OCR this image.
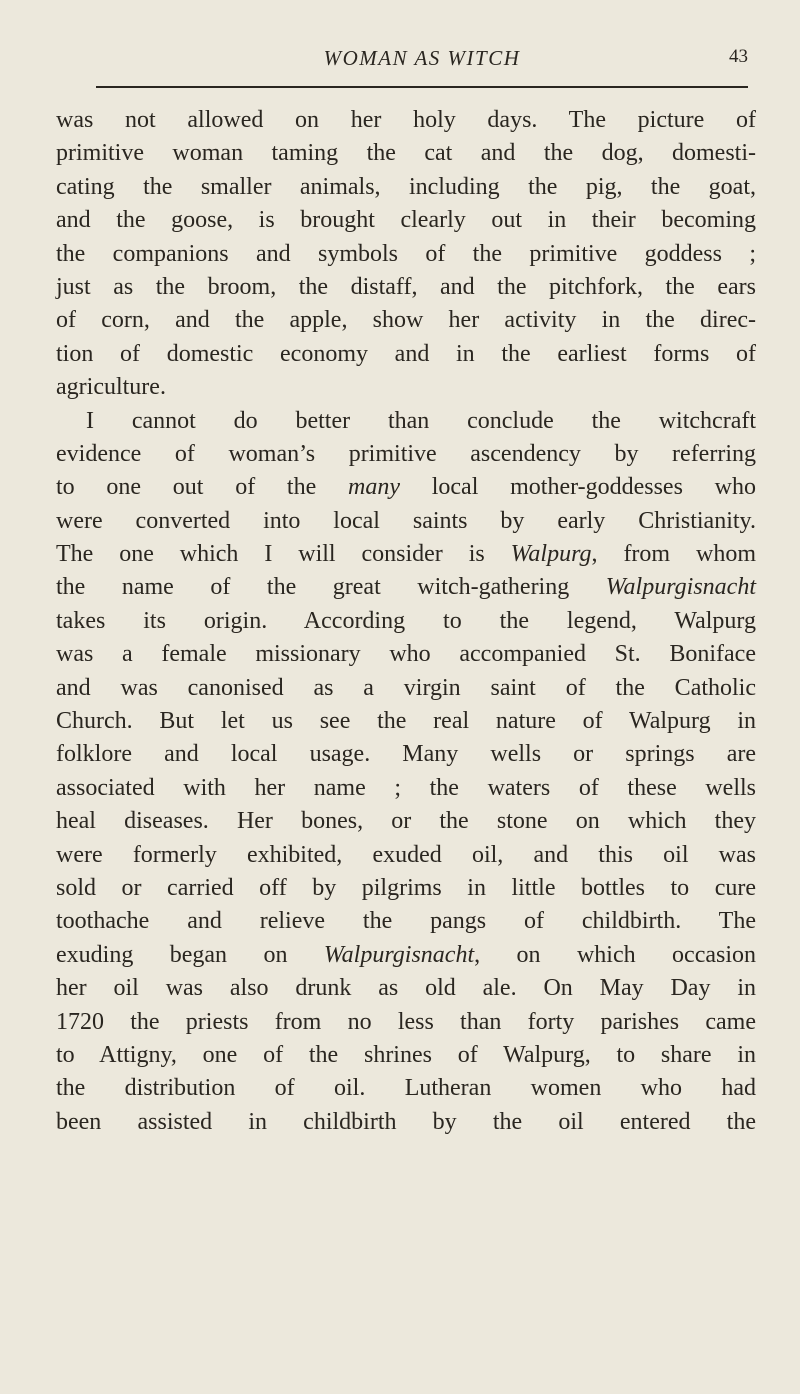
WOMAN AS WITCH	43
was not allowed on her holy days. The picture of
primitive woman taming the cat and the dog, domesti-
cating the smaller animals, including the pig, the goat,
and the goose, is brought clearly out in their becoming
the companions and symbols of the primitive goddess ;
just as the broom, the distaff, and the pitchfork, the ears
of corn, and the apple, show her activity in the direc-
tion of domestic economy and in the earliest forms of
agriculture.
I cannot do better than conclude the witchcraft
evidence of woman’s primitive ascendency by referring
to one out of the many local mother-goddesses who
were converted into local saints by early Christianity.
The one which I will consider is Walpurg, from whom
the name of the great witch-gathering Walpurgisnacht
takes its origin. According to the legend, Walpurg
was a female missionary who accompanied St. Boniface
and was canonised as a virgin saint of the Catholic
Church. But let us see the real nature of Walpurg in
folklore and local usage. Many wells or springs are
associated with her name ; the waters of these wells
heal diseases. Her bones, or the stone on which they
were formerly exhibited, exuded oil, and this oil was
sold or carried off by pilgrims in little bottles to cure
toothache and relieve the pangs of childbirth. The
exuding began on Walpurgisnacht, on which occasion
her oil was also drunk as old ale. On May Day in
1720 the priests from no less than forty parishes came
to Attigny, one of the shrines of Walpurg, to share in
the distribution of oil. Lutheran women who had
been assisted in childbirth by the oil entered the
